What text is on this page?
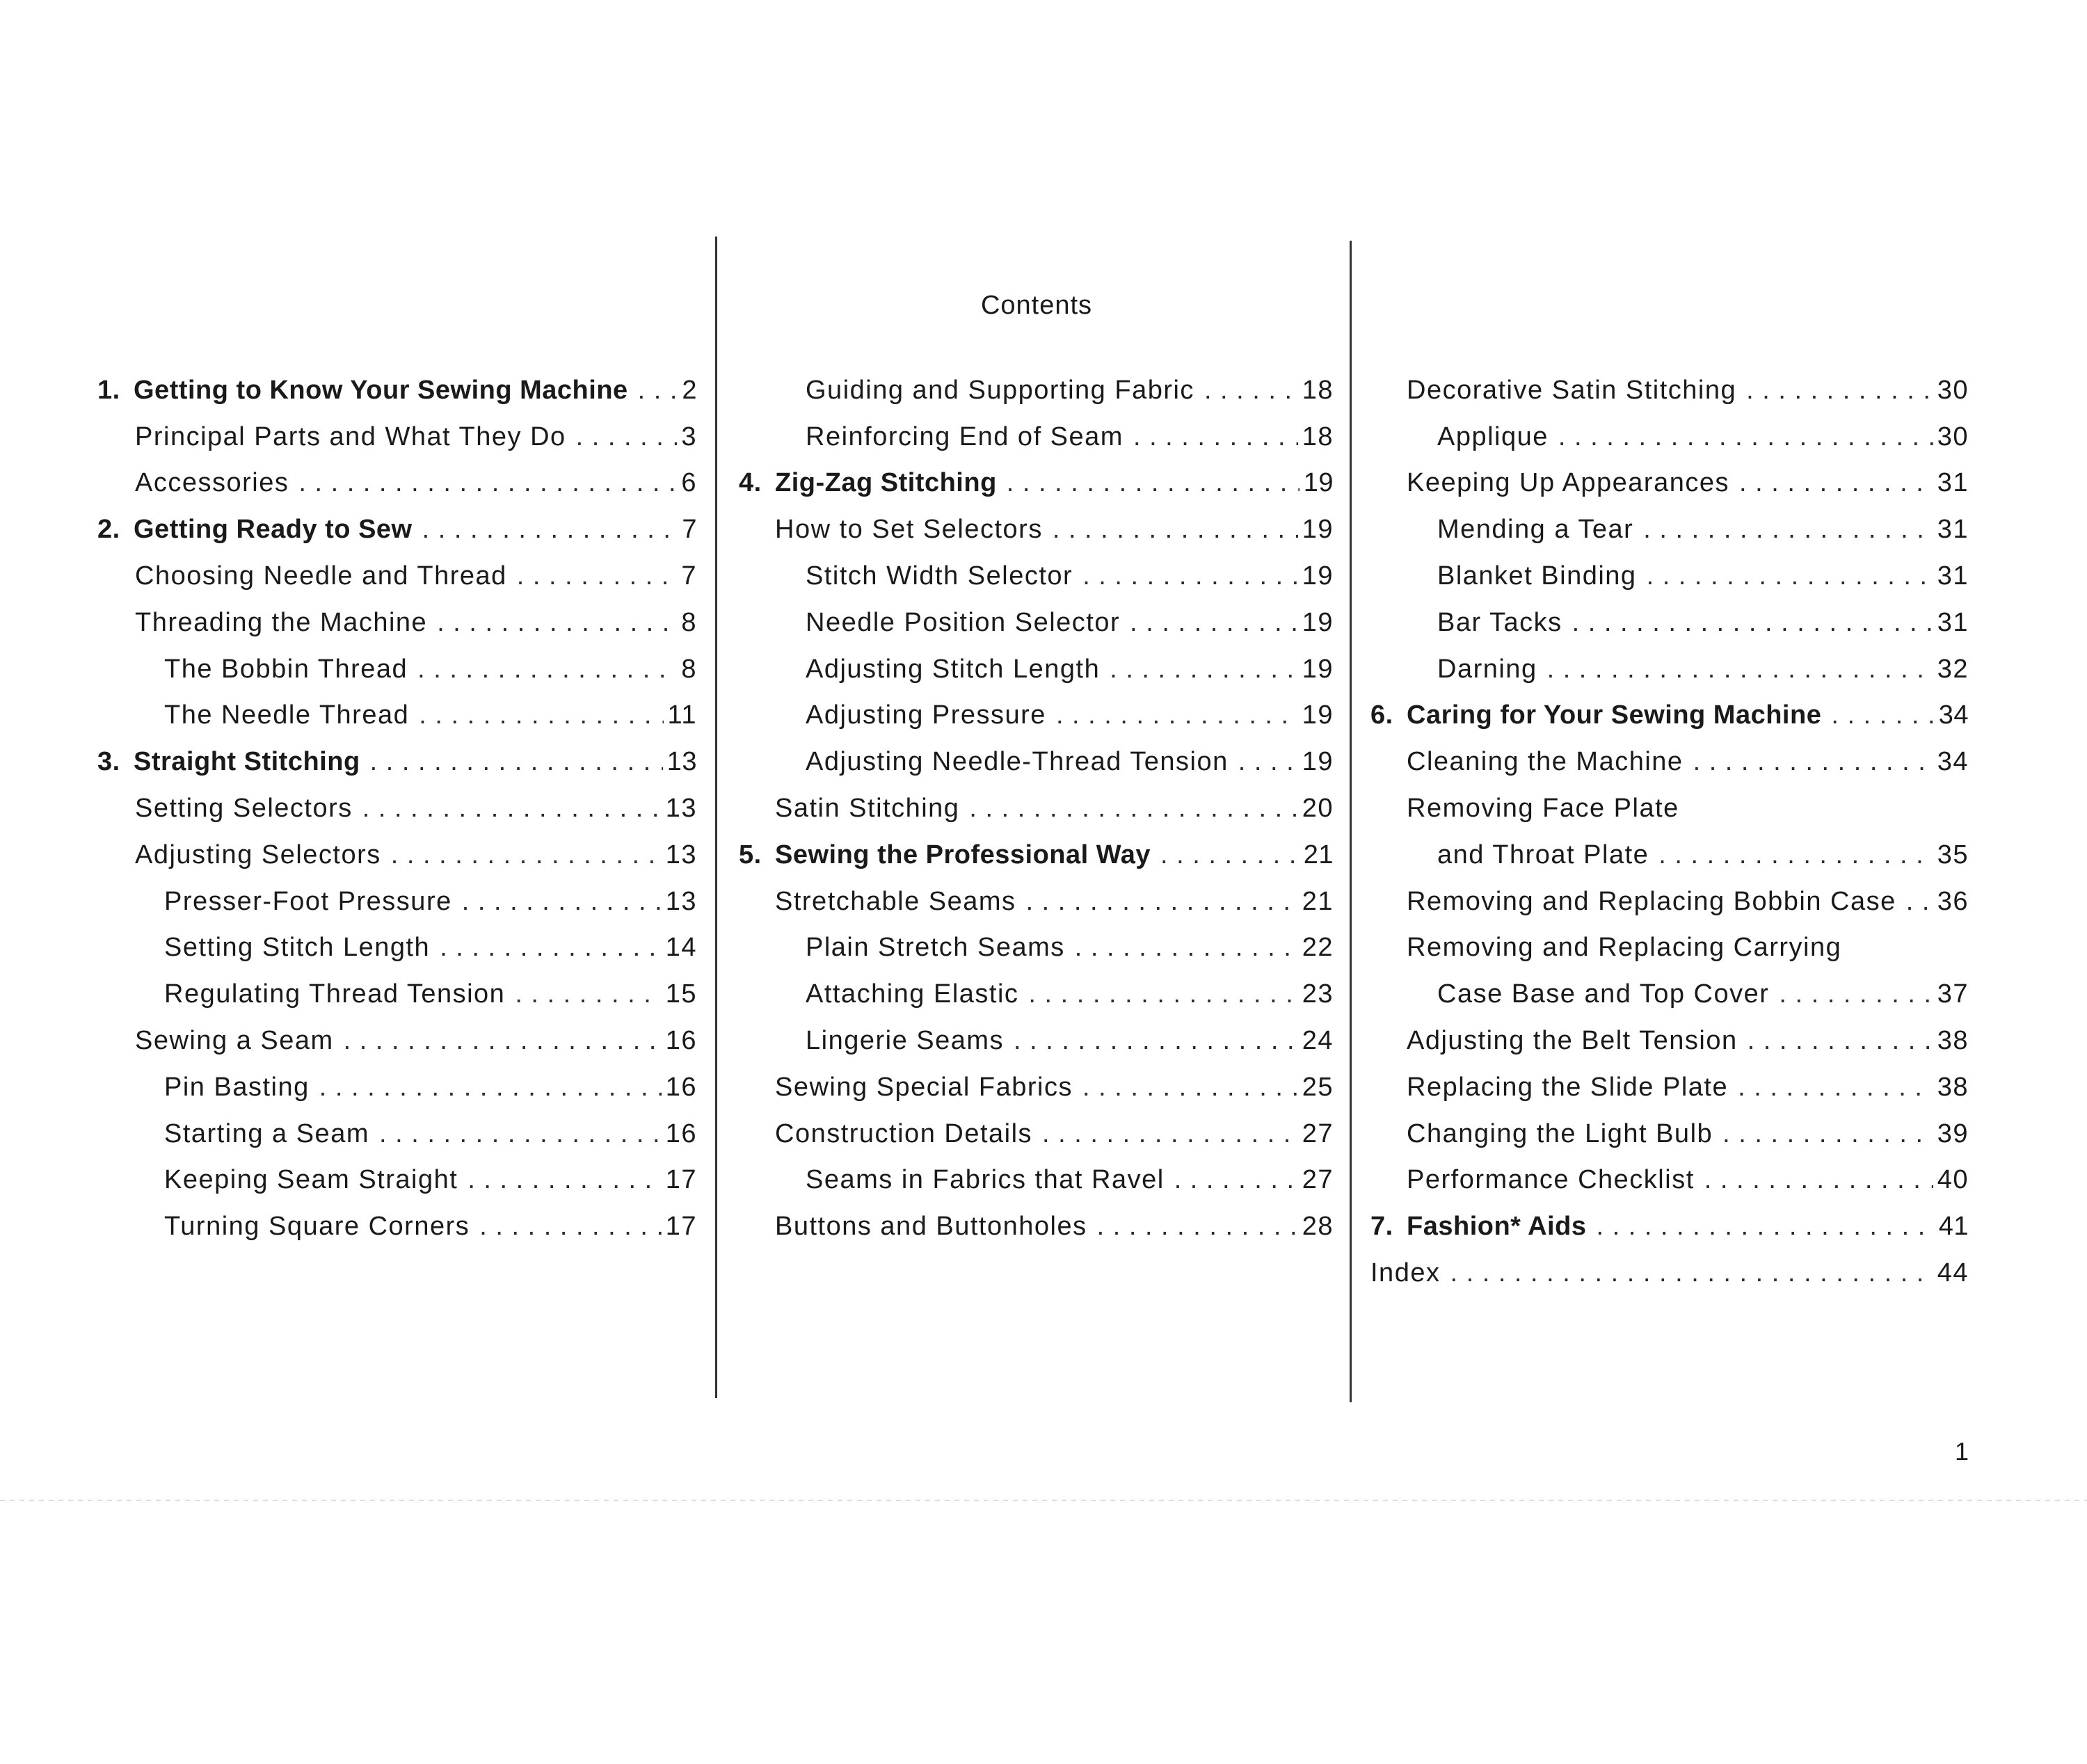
Contents
1. Getting to Know Your Sewing Machine . . . 2
Principal Parts and What They Do . . .	3
Accessories . . .	6
2. Getting Ready to Sew . . .	7
Choosing Needle and Thread . . .	7
Threading the Machine . . .	8
The Bobbin Thread . . .	8
The Needle Thread . . .	11
3. Straight Stitching . . .	13
Setting Selectors . . .	13
Adjusting Selectors . . .	13
Presser-Foot Pressure . . .	13
Setting Stitch Length . . .	14
Regulating Thread Tension . . .	15
Sewing a Seam . . .	16
Pin Basting . . .	16
Starting a Seam . . .	16
Keeping Seam Straight . . .	17
Turning Square Corners . . .	17
Guiding and Supporting Fabric . . .	18
Reinforcing End of Seam . . .	18
4. Zig-Zag Stitching . . .	19
How to Set Selectors . . .	19
Stitch Width Selector . . .	19
Needle Position Selector . . .	19
Adjusting Stitch Length . . .	19
Adjusting Pressure . . .	19
Adjusting Needle-Thread Tension . . .	19
Satin Stitching . . .	20
5. Sewing the Professional Way . . .	21
Stretchable Seams . . .	21
Plain Stretch Seams . . .	22
Attaching Elastic . . .	23
Lingerie Seams . . .	24
Sewing Special Fabrics . . .	25
Construction Details . . .	27
Seams in Fabrics that Ravel . . .	27
Buttons and Buttonholes . . .	28
Decorative Satin Stitching . . .	30
Applique . . .	30
Keeping Up Appearances . . .	31
Mending a Tear . . .	31
Blanket Binding . . .	31
Bar Tacks . . .	31
Darning . . .	32
6. Caring for Your Sewing Machine . . .	34
Cleaning the Machine . . .	34
Removing Face Plate
and Throat Plate . . .	35
Removing and Replacing Bobbin Case . . . 36
Removing and Replacing Carrying
Case Base and Top Cover . . .	37
Adjusting the Belt Tension . . .	38
Replacing the Slide Plate . . .	38
Changing the Light Bulb . . .	39
Performance Checklist . . .	40
7. Fashion* Aids . . .	41
Index . . .	44
1
